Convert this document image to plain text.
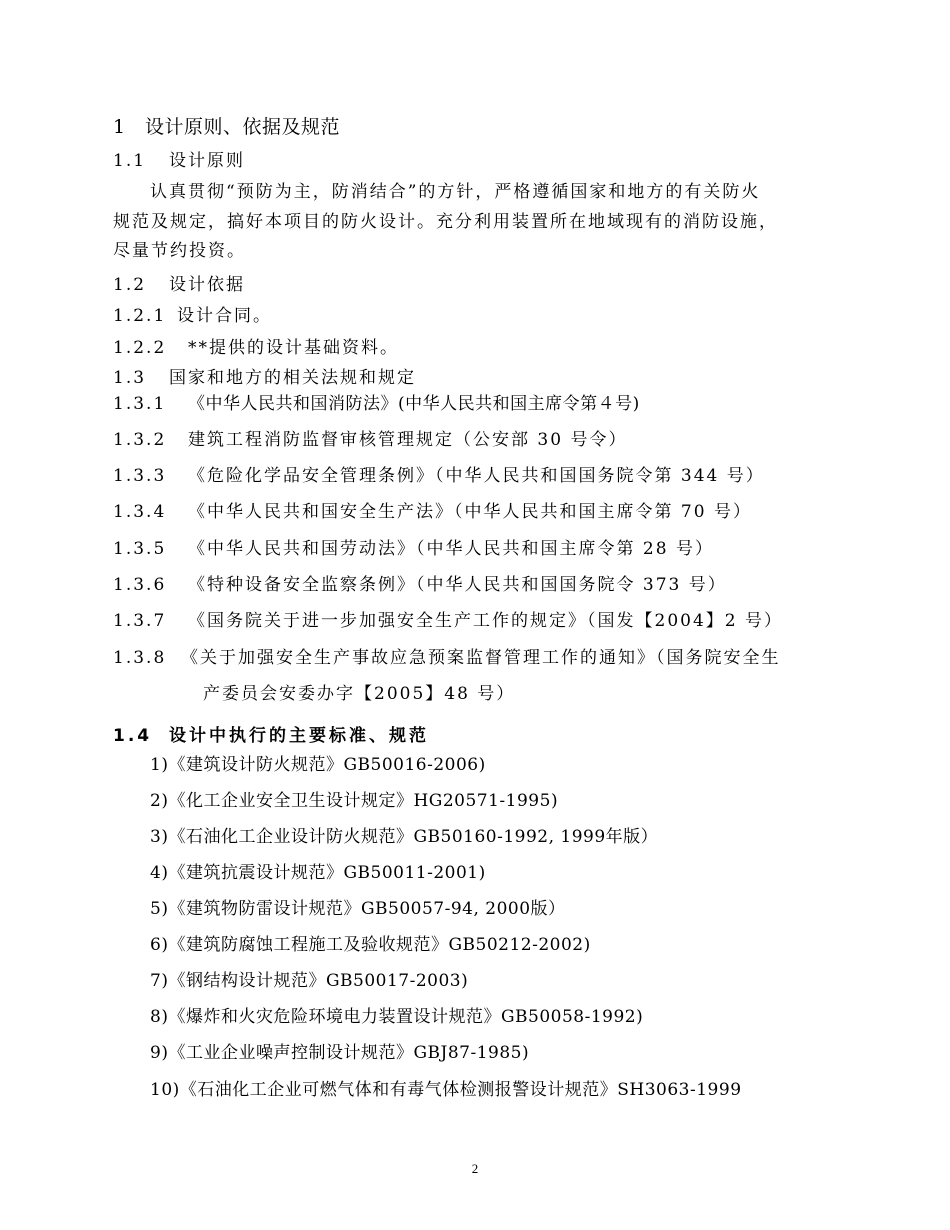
1 设计原则、依据及规范
1.1 设计原则
认真贯彻“预防为主，防消结合”的方针，严格遵循国家和地方的有关防火
规范及规定，搞好本项目的防火设计。充分利用装置所在地域现有的消防设施，
尽量节约投资。
1.2 设计依据
1.2.1 设计合同。
1.2.2 **提供的设计基础资料。
1.3 国家和地方的相关法规和规定
1.3.1 《中华人民共和国消防法》(中华人民共和国主席令第４号)
1.3.2 建筑工程消防监督审核管理规定（公安部 30 号令）
1.3.3 《危险化学品安全管理条例》（中华人民共和国国务院令第 344 号）
1.3.4 《中华人民共和国安全生产法》（中华人民共和国主席令第 70 号）
1.3.5 《中华人民共和国劳动法》（中华人民共和国主席令第 28 号）
1.3.6 《特种设备安全监察条例》（中华人民共和国国务院令 373 号）
1.3.7 《国务院关于进一步加强安全生产工作的规定》（国发【2004】2 号）
1.3.8 《关于加强安全生产事故应急预案监督管理工作的通知》（国务院安全生
产委员会安委办字【2005】48 号）
1.4 设计中执行的主要标准、规范
1)《建筑设计防火规范》GB50016-2006)
2)《化工企业安全卫生设计规定》HG20571-1995)
3)《石油化工企业设计防火规范》GB50160-1992, 1999年版）
4)《建筑抗震设计规范》GB50011-2001)
5)《建筑物防雷设计规范》GB50057-94, 2000版）
6)《建筑防腐蚀工程施工及验收规范》GB50212-2002)
7)《钢结构设计规范》GB50017-2003)
8)《爆炸和火灾危险环境电力装置设计规范》GB50058-1992)
9)《工业企业噪声控制设计规范》GBJ87-1985)
10)《石油化工企业可燃气体和有毒气体检测报警设计规范》SH3063-1999
2
